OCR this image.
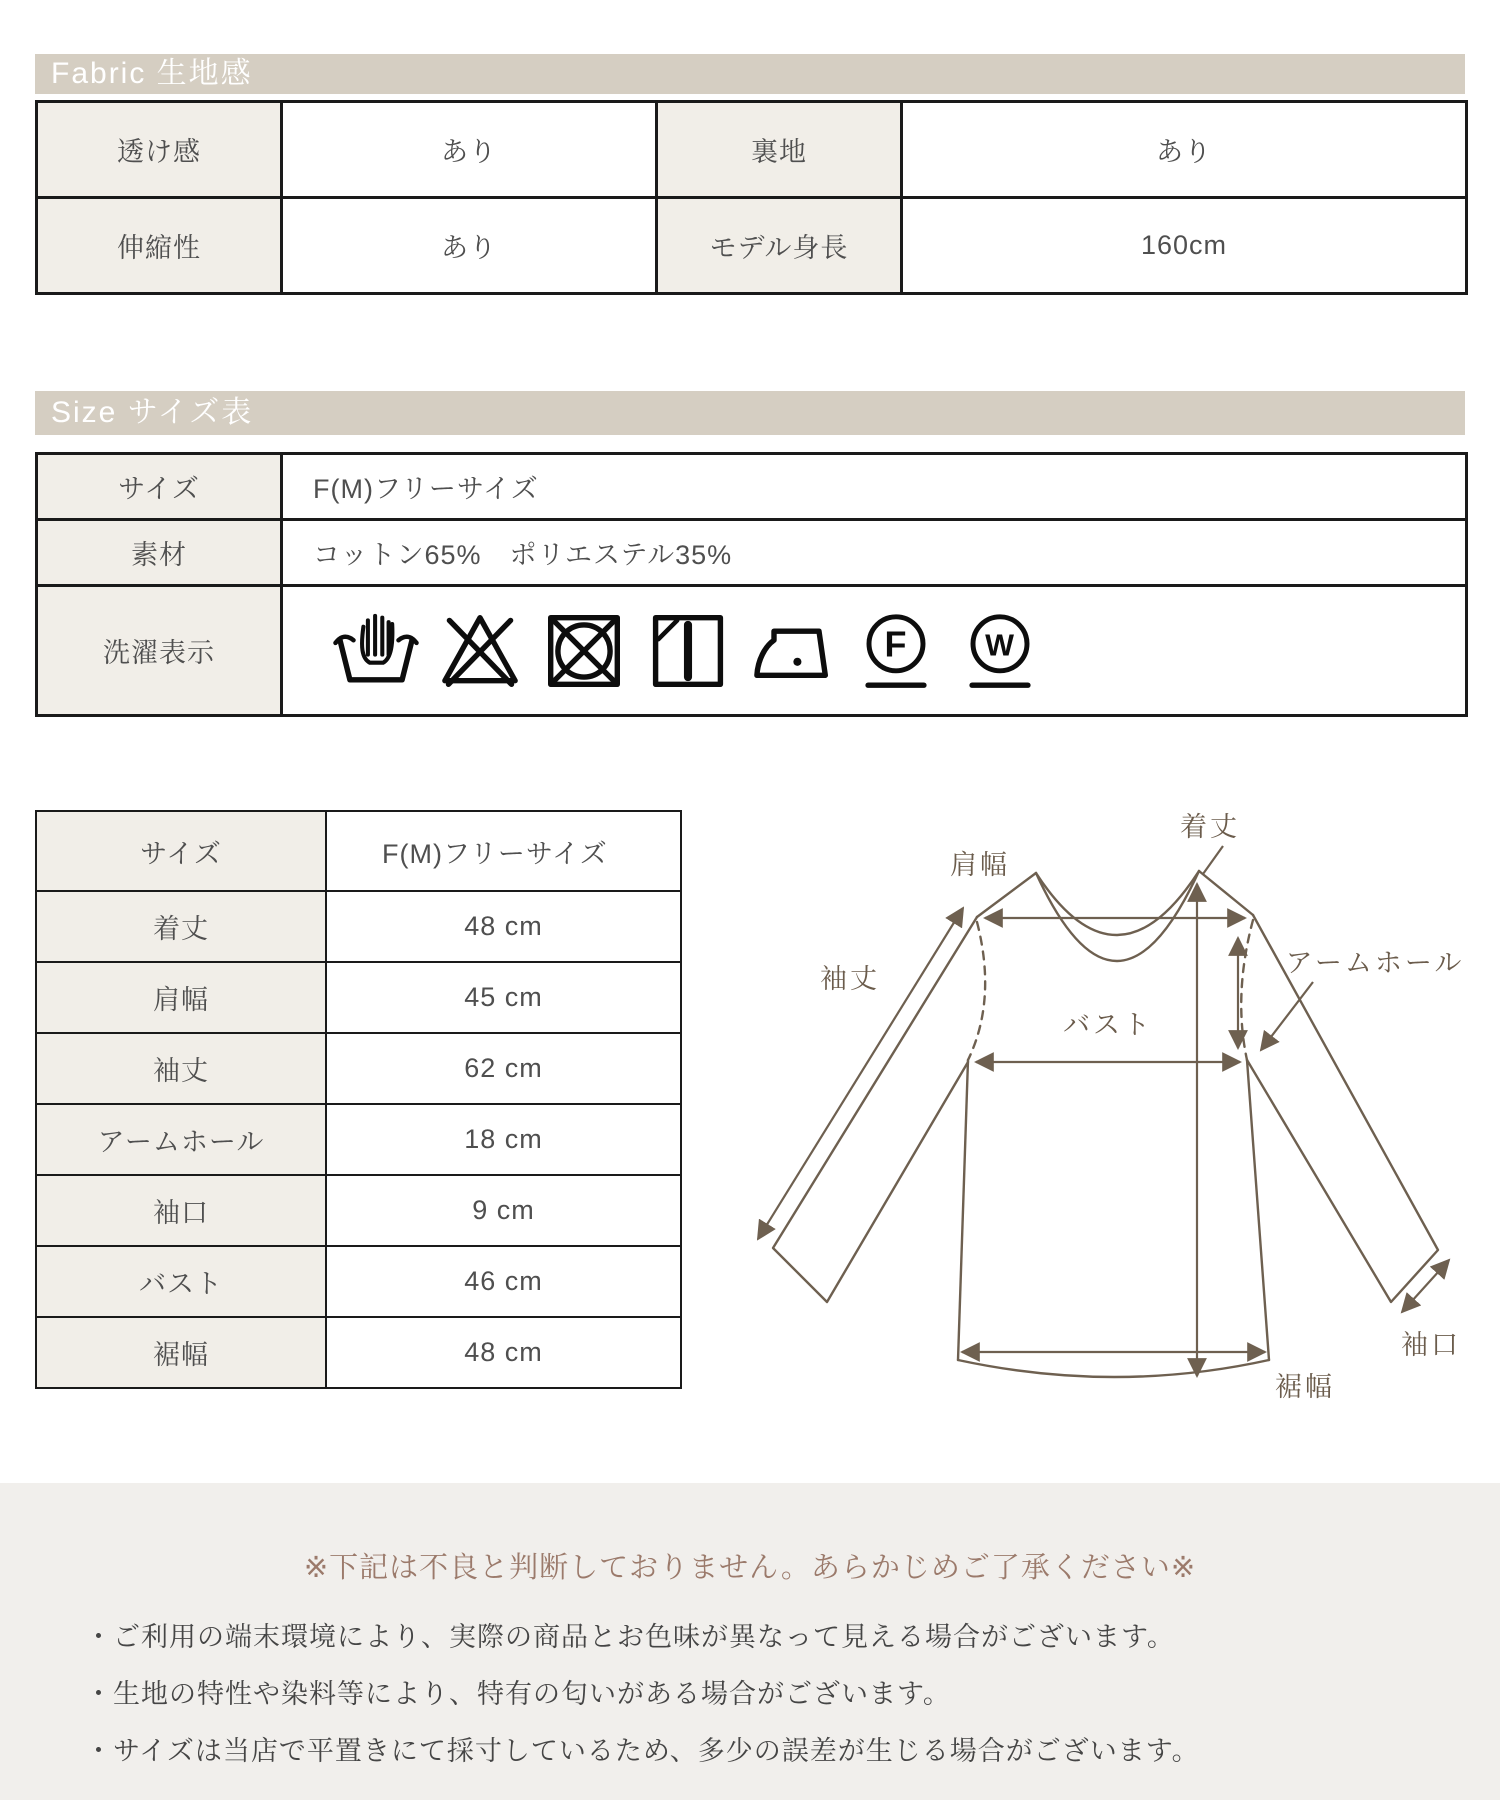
Fabric 生地感
透け感	あり	裏地	あり
伸縮性	あり	モデル身長	160cm
Size サイズ表
サイズ	F(M)フリーサイズ
素材	コットン65%　ポリエステル35%
洗濯表示	F W
サイズ	F(M)フリーサイズ
着丈	48 cm
肩幅	45 cm
袖丈	62 cm
アームホール	18 cm
袖口	9 cm
バスト	46 cm
裾幅	48 cm
肩幅
着丈
袖丈
アームホール
バスト
袖口
裾幅
※下記は不良と判断しておりません。あらかじめご了承ください※
・ご利用の端末環境により、実際の商品とお色味が異なって見える場合がございます。
・生地の特性や染料等により、特有の匂いがある場合がございます。
・サイズは当店で平置きにて採寸しているため、多少の誤差が生じる場合がございます。
